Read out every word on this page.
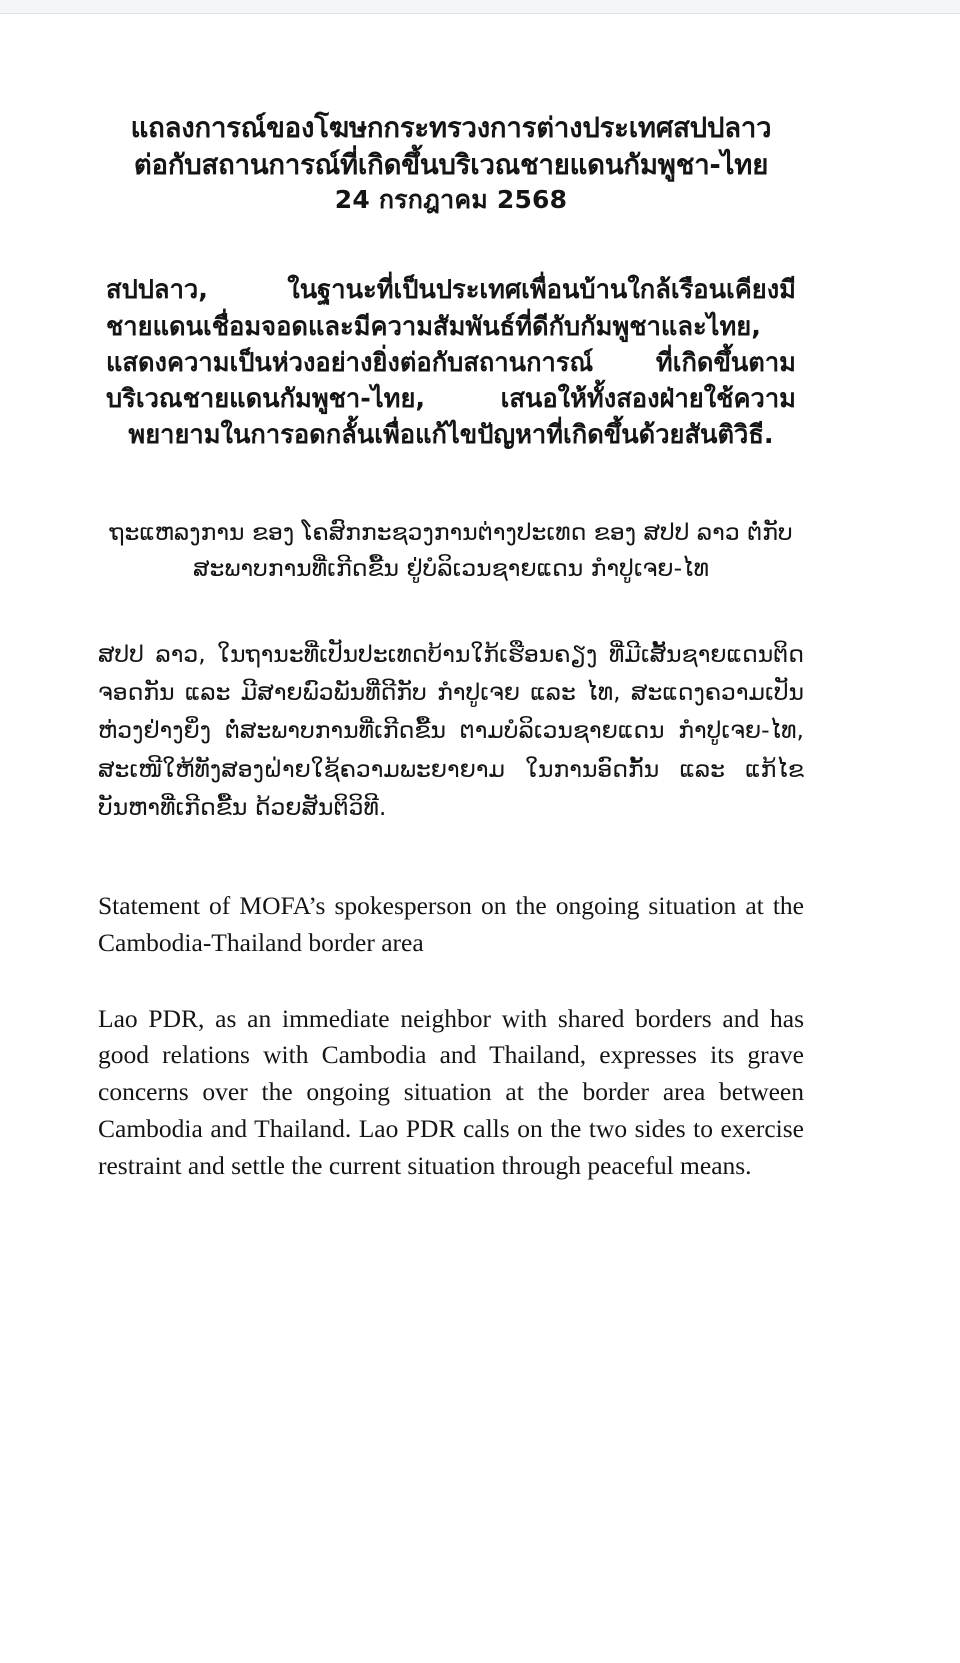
แถลงการณ์ของโฆษกกระทรวงการต่างประเทศสปปลาว
ต่อกับสถานการณ์ที่เกิดขึ้นบริเวณชายแดนกัมพูชา-ไทย
24 กรกฎาคม 2568

สปปลาว, ในฐานะที่เป็นประเทศเพื่อนบ้านใกล้เรือนเคียงมีชายแดนเชื่อมจอดและมีความสัมพันธ์ที่ดีกับกัมพูชาและไทย, แสดงความเป็นห่วงอย่างยิ่งต่อกับสถานการณ์ ที่เกิดขึ้นตามบริเวณชายแดนกัมพูชา-ไทย, เสนอให้ทั้งสองฝ่ายใช้ความพยายามในการอดกลั้นเพื่อแก้ไขปัญหาที่เกิดขึ้นด้วยสันติวิธี.

ຖະແຫລງການ ຂອງ ໂຄສົກກະຊວງການຕ່າງປະເທດ ຂອງ ສປປ ລາວ ຕໍ່ກັບສະພາບການທີ່ເກີດຂື້ນ ຢູ່ບໍລິເວນຊາຍແດນ ກຳປູເຈຍ-ໄທ

ສປປ ລາວ, ໃນຖານະທີ່ເປັນປະເທດບ້ານໃກ້ເຮືອນຄຽງ ທີ່ມີເສັ້ນຊາຍແດນຕິດຈອດກັນ ແລະ ມີສາຍພົວພັນທີ່ດີກັບ ກຳປູເຈຍ ແລະ ໄທ, ສະແດງຄວາມເປັນຫ່ວງຢ່າງຍິ່ງ ຕໍ່ສະພາບການທີ່ເກີດຂື້ນ ຕາມບໍລິເວນຊາຍແດນ ກຳປູເຈຍ-ໄທ, ສະເໜີໃຫ້ທັງສອງຝ່າຍໃຊ້ຄວາມພະຍາຍາມ ໃນການອົດກັ້ນ ແລະ ແກ້ໄຂບັນຫາທີ່ເກີດຂື້ນ ດ້ວຍສັນຕິວິທີ.

Statement of MOFA’s spokesperson on the ongoing situation at the Cambodia-Thailand border area

Lao PDR, as an immediate neighbor with shared borders and has good relations with Cambodia and Thailand, expresses its grave concerns over the ongoing situation at the border area between Cambodia and Thailand. Lao PDR calls on the two sides to exercise restraint and settle the current situation through peaceful means.
